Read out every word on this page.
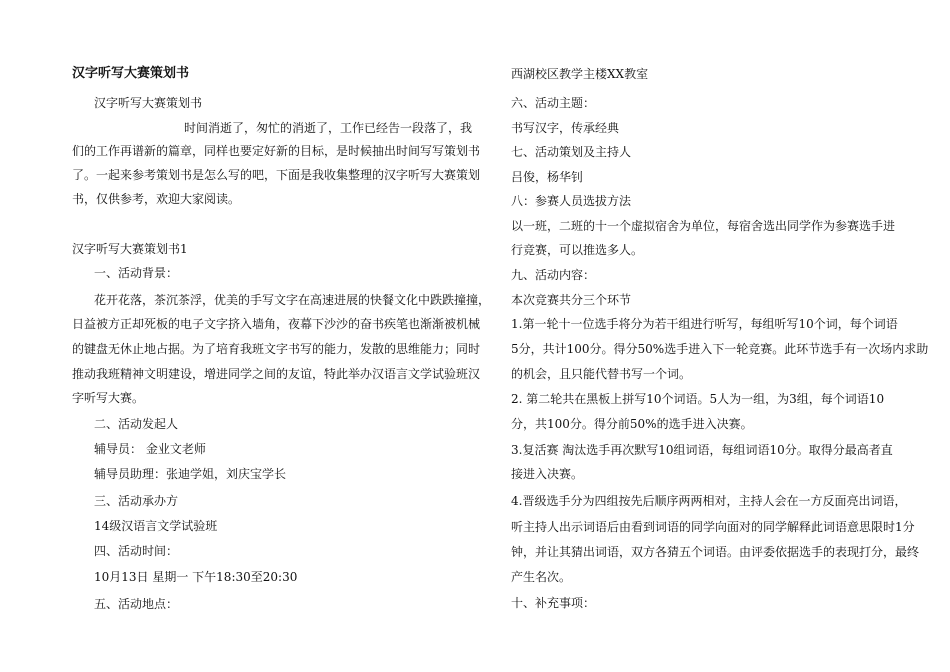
汉字听写大赛策划书
汉字听写大赛策划书
时间消逝了，匆忙的消逝了，工作已经告一段落了，我
们的工作再谱新的篇章，同样也要定好新的目标，是时候抽出时间写写策划书
了。一起来参考策划书是怎么写的吧，下面是我收集整理的汉字听写大赛策划
书，仅供参考，欢迎大家阅读。
汉字听写大赛策划书1
一、活动背景：
花开花落，茶沉茶浮，优美的手写文字在高速进展的快餐文化中跌跌撞撞，
日益被方正却死板的电子文字挤入墙角，夜幕下沙沙的奋书疾笔也渐渐被机械
的键盘无休止地占据。为了培育我班文字书写的能力，发散的思维能力；同时
推动我班精神文明建设，增进同学之间的友谊，特此举办汉语言文学试验班汉
字听写大赛。
二、活动发起人
辅导员： 金业文老师
辅导员助理：张迪学姐，刘庆宝学长
三、活动承办方
14级汉语言文学试验班
四、活动时间：
10月13日 星期一 下午18:30至20:30
五、活动地点：
西湖校区教学主楼XX教室
六、活动主题：
书写汉字，传承经典
七、活动策划及主持人
吕俊，杨华钊
八：参赛人员选拔方法
以一班，二班的十一个虚拟宿舍为单位，每宿舍选出同学作为参赛选手进
行竞赛，可以推选多人。
九、活动内容：
本次竞赛共分三个环节
1.第一轮十一位选手将分为若干组进行听写，每组听写10个词，每个词语
5分，共计100分。得分50%选手进入下一轮竞赛。此环节选手有一次场内求助
的机会，且只能代替书写一个词。
2. 第二轮共在黑板上拼写10个词语。5人为一组，为3组，每个词语10
分，共100分。得分前50%的选手进入决赛。
3.复活赛 淘汰选手再次默写10组词语，每组词语10分。取得分最高者直
接进入决赛。
4.晋级选手分为四组按先后顺序两两相对，主持人会在一方反面亮出词语，
听主持人出示词语后由看到词语的同学向面对的同学解释此词语意思限时1分
钟，并让其猜出词语，双方各猜五个词语。由评委依据选手的表现打分，最终
产生名次。
十、补充事项：
